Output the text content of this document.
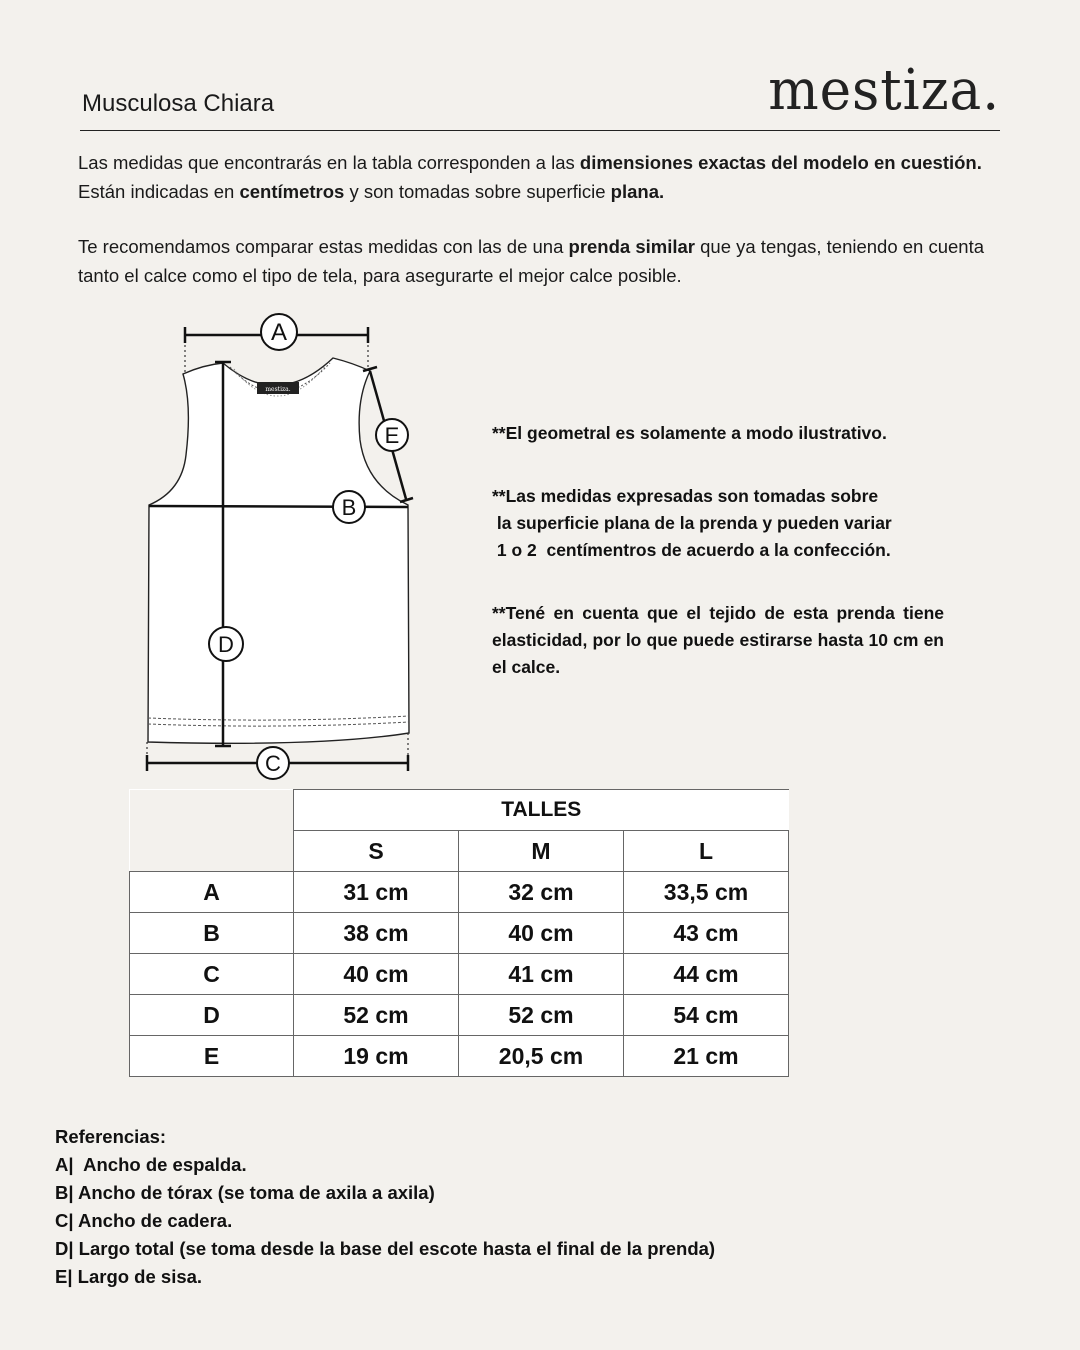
Musculosa Chiara	mestiza.

Las medidas que encontrarás en la tabla corresponden a las dimensiones exactas del modelo en cuestión. Están indicadas en centímetros y son tomadas sobre superficie plana.

Te recomendamos comparar estas medidas con las de una prenda similar que ya tengas, teniendo en cuenta tanto el calce como el tipo de tela, para asegurarte el mejor calce posible.

mestiza.
A
E
B
D
C

**El geometral es solamente a modo ilustrativo.

**Las medidas expresadas son tomadas sobre
la superficie plana de la prenda y pueden variar
1 o 2  centímentros de acuerdo a la confección.

**Tené en cuenta que el tejido de esta prenda tiene elasticidad, por lo que puede estirarse hasta 10 cm en el calce.

	TALLES		
	S	M	L
A	31 cm	32 cm	33,5 cm
B	38 cm	40 cm	43 cm
C	40 cm	41 cm	44 cm
D	52 cm	52 cm	54 cm
E	19 cm	20,5 cm	21 cm
Referencias:
A|  Ancho de espalda.
B| Ancho de tórax (se toma de axila a axila)
C| Ancho de cadera.
D| Largo total (se toma desde la base del escote hasta el final de la prenda)
E| Largo de sisa.
